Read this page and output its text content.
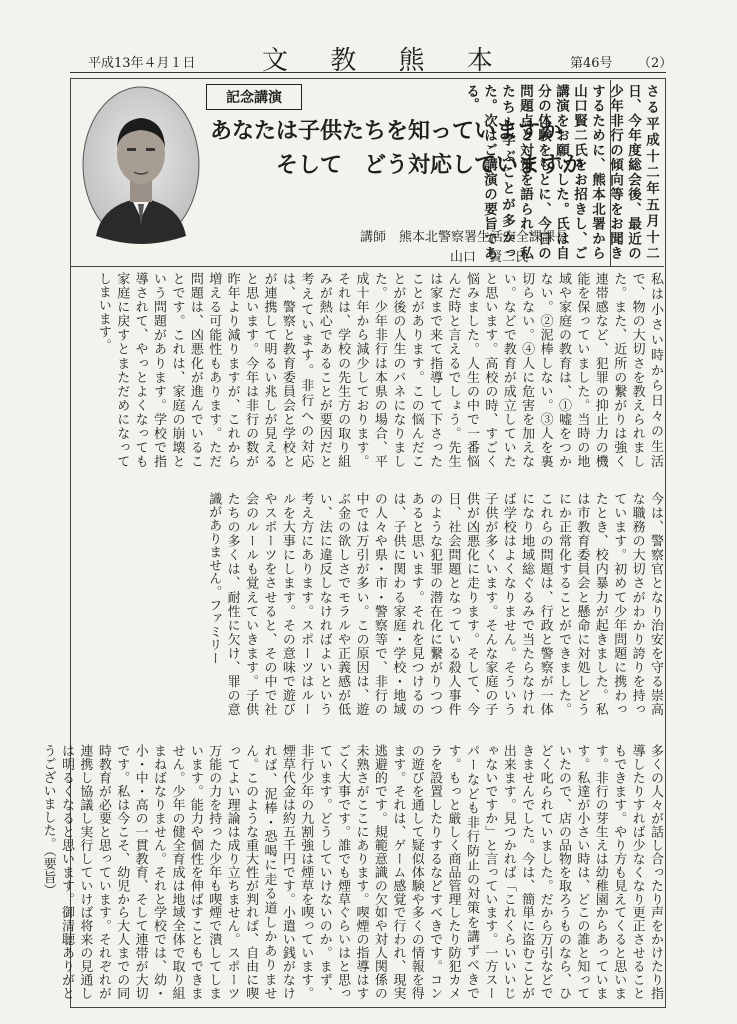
平成13年４月１日	文 教 熊 本	第46号 （2）
記念講演
あなたは子供たちを知っていますか
そして　どう対応していますか
講師　熊本北警察署生活安全課課長
山口　賢二氏	さる平成十二年五月十二日、今年度総会後、最近の少年非行の傾向等をお聞きするために、熊本北署から山口賢二氏をお招きし、ご講演をお願いした。氏は自分の体験をもとに、今日の問題点と対策を語られ、私たちも学ぶことが多かった。次はご講演の要旨である。
私は小さい時から日々の生活で、物の大切さを教えられました。また、近所の繋がりは強く連帯感など、犯罪の抑止力の機能を保っていました。当時の地域や家庭の教育は、①嘘をつかない。②泥棒しない。③人を裏切らない。④人に危害を加えない。などで教育が成立していたと思います。高校の時、すごく悩みました。人生の中で一番悩んだ時と言えるでしょう。先生は家まで来て指導して下さったことがあります。この悩んだことが後の人生のバネになりました。少年非行は本県の場合、平成十年から減少しております。それは、学校の先生方の取り組みが熱心であることが要因だと考えています。非行への対応は、警察と教育委員会と学校とが連携して明るい兆しが見えると思います。今年は非行の数が昨年より減りますが、これから増える可能性もあります。ただ問題は、凶悪化が進んでいることです。これは、家庭の崩壊という問題があります。学校で指導されて、やっとよくなっても家庭に戻すとまただめになってしまいます。
今は、警察官となり治安を守る崇高な職務の大切さがわかり誇りを持っています。初めて少年問題に携わったとき、校内暴力が起きました。私は市教育委員会と懸命に対処しどうにか正常化することができました。これらの問題は、行政と警察が一体になり地域総ぐるみで当たらなければ学校はよくなりません。そういう子供が多くいます。そんな家庭の子供が凶悪化に走ります。そして、今日、社会問題となっている殺人事件のような犯罪の潜在化に繋がりつつあると思います。それを見つけるのは、子供に関わる家庭・学校・地域の人々や県・市・警察等で、非行の中では万引が多い。この原因は、遊ぶ金の欲しさでモラルや正義感が低い、法に違反しなければよいという考え方にあります。スポーツはルールを大事にします。その意味で遊びやスポーツをさせると、その中で社会のルールも覚えていきます。子供たちの多くは、耐性に欠け、罪の意識がありません。ファミリー
多くの人々が話し合ったり声をかけたり指導したりすれば少なくなり更正させることもできます。やり方も見えてくると思います。非行の芽生えは幼稚園からあっています。私達が小さい時は、どこの誰と知っていたので、店の品物を取ろうものなら、ひどく叱られていました。だから万引などできませんでした。今は、簡単に盗むことが出来ます。見つかれば「これくらいいいじゃないですか」と言っています。一方スーパーなども非行防止の対策を講ずべきです。もっと厳しく商品管理したり防犯カメラを設置したりするなどすべきです。コンの遊びを通して疑似体験や多くの情報を得ます。それは、ゲーム感覚で行われ、現実逃避的です。規範意識の欠如や対人関係の未熟さがここにあります。喫煙の指導はすごく大事です。誰でも煙草ぐらいはと思っています。どうしていけないのか。まず、非行少年の九割強は煙草を喫っています。煙草代金は約五千円です。小遣い銭がなければ、泥棒・恐喝に走る道しかありません。このような重大性が判れば、自由に喫ってよい理論は成り立ちません。スポーツ万能の力を持った少年も喫煙で潰してしまいます。能力や個性を伸ばすこともできません。少年の健全育成は地域全体で取り組まねばなりません。それと学校では、幼・小・中・高の一貫教育、そして連帯が大切です。私は今こそ、幼児から大人までの同時教育が必要と思っています。それぞれが連携し協議し実行していけば将来の見通しは明るくなると思います。御清聴ありがとうございました。（要旨）
